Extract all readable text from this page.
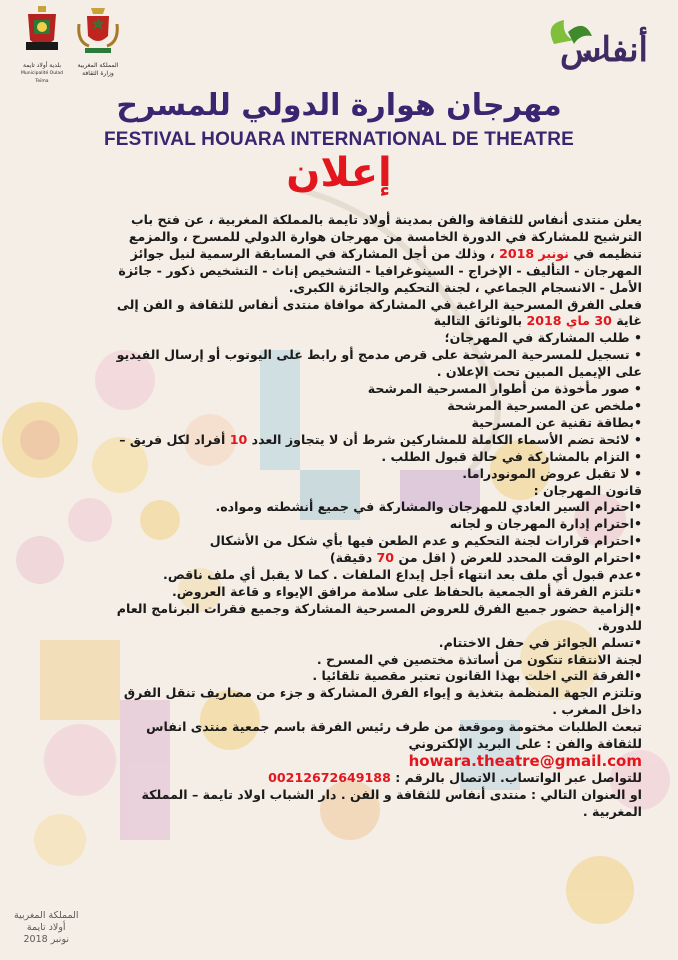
بلدية أولاد تايمة
Municipalité Oulad Teïma
المملكة المغربية
وزارة الثقافة
أنفاس
مهرجان هوارة الدولي للمسرح
FESTIVAL HOUARA INTERNATIONAL DE THEATRE
إعلان
يعلن منتدى أنفاس للثقافة والفن بمدينة أولاد تايمة بالمملكة المغربية ، عن فتح باب
الترشيح للمشاركة في الدورة الخامسة من مهرجان هوارة الدولي للمسرح ، والمزمع
تنظيمه في نونبر 2018 ، وذلك من أجل المشاركة في المسابقة الرسمية لنيل جوائز
المهرجان - التأليف - الإخراج - السينوغرافيا - التشخيص إناث - التشخيص ذكور - جائزة
الأمل - الانسجام الجماعي ، لجنة التحكيم والجائزة الكبرى.
فعلى الفرق المسرحية الراغبة في المشاركة موافاة منتدى أنفاس للثقافة و الفن إلى
غاية 30 ماي 2018 بالوثائق التالية
• طلب المشاركة في المهرجان؛
• تسجيل للمسرحية المرشحة على قرص مدمج أو رابط على اليوتوب أو إرسال الفيديو
على الإيميل المبين تحت الإعلان .
• صور مأخوذة من أطوار المسرحية المرشحة
•ملخص عن المسرحية المرشحة
•بطاقة تقنية عن المسرحية
• لائحة تضم الأسماء الكاملة للمشاركين شرط أن لا يتجاوز العدد 10 أفراد لكل فريق –
• التزام بالمشاركة في حالة قبول الطلب .
• لا تقبل عروض المونودراما.
قانون المهرجان :
•احترام السير العادي للمهرجان والمشاركة في جميع أنشطته ومواده.
•احترام إدارة المهرجان و لجانه
•احترام قرارات لجنة التحكيم و عدم الطعن فيها بأي شكل من الأشكال
•احترام الوقت المحدد للعرض ( اقل من 70 دقيقة)
•عدم قبول أي ملف بعد انتهاء أجل إيداع الملفات . كما لا يقبل أي ملف ناقص.
•تلتزم الفرقة أو الجمعية بالحفاظ على سلامة مرافق الإيواء و قاعة العروض.
•إلزامية حضور جميع الفرق للعروض المسرحية المشاركة وجميع فقرات البرنامج العام
للدورة.
•تسلم الجوائز في حفل الاختتام.
لجنة الانتقاء تتكون من أساتذة مختصين في المسرح .
•الفرقة التي اخلت بهذا القانون تعتبر مقصية تلقائيا .
وتلتزم الجهة المنظمة بتغذية و إيواء الفرق المشاركة و جزء من مصاريف تنقل الفرق
داخل المغرب .
تبعث الطلبات مختومة وموقعة من طرف رئيس الفرقة باسم جمعية منتدى انفاس
للثقافة والفن : على البريد الإلكتروني
howara.theatre@gmail.com
للتواصل عبر الواتساب. الاتصال بالرقم : 00212672649188
او العنوان التالي : منتدى أنفاس للثقافة و الفن . دار الشباب اولاد تايمة – المملكة
المغربية .
المملكة المغربية
أولاد تايمة
نونبر 2018
